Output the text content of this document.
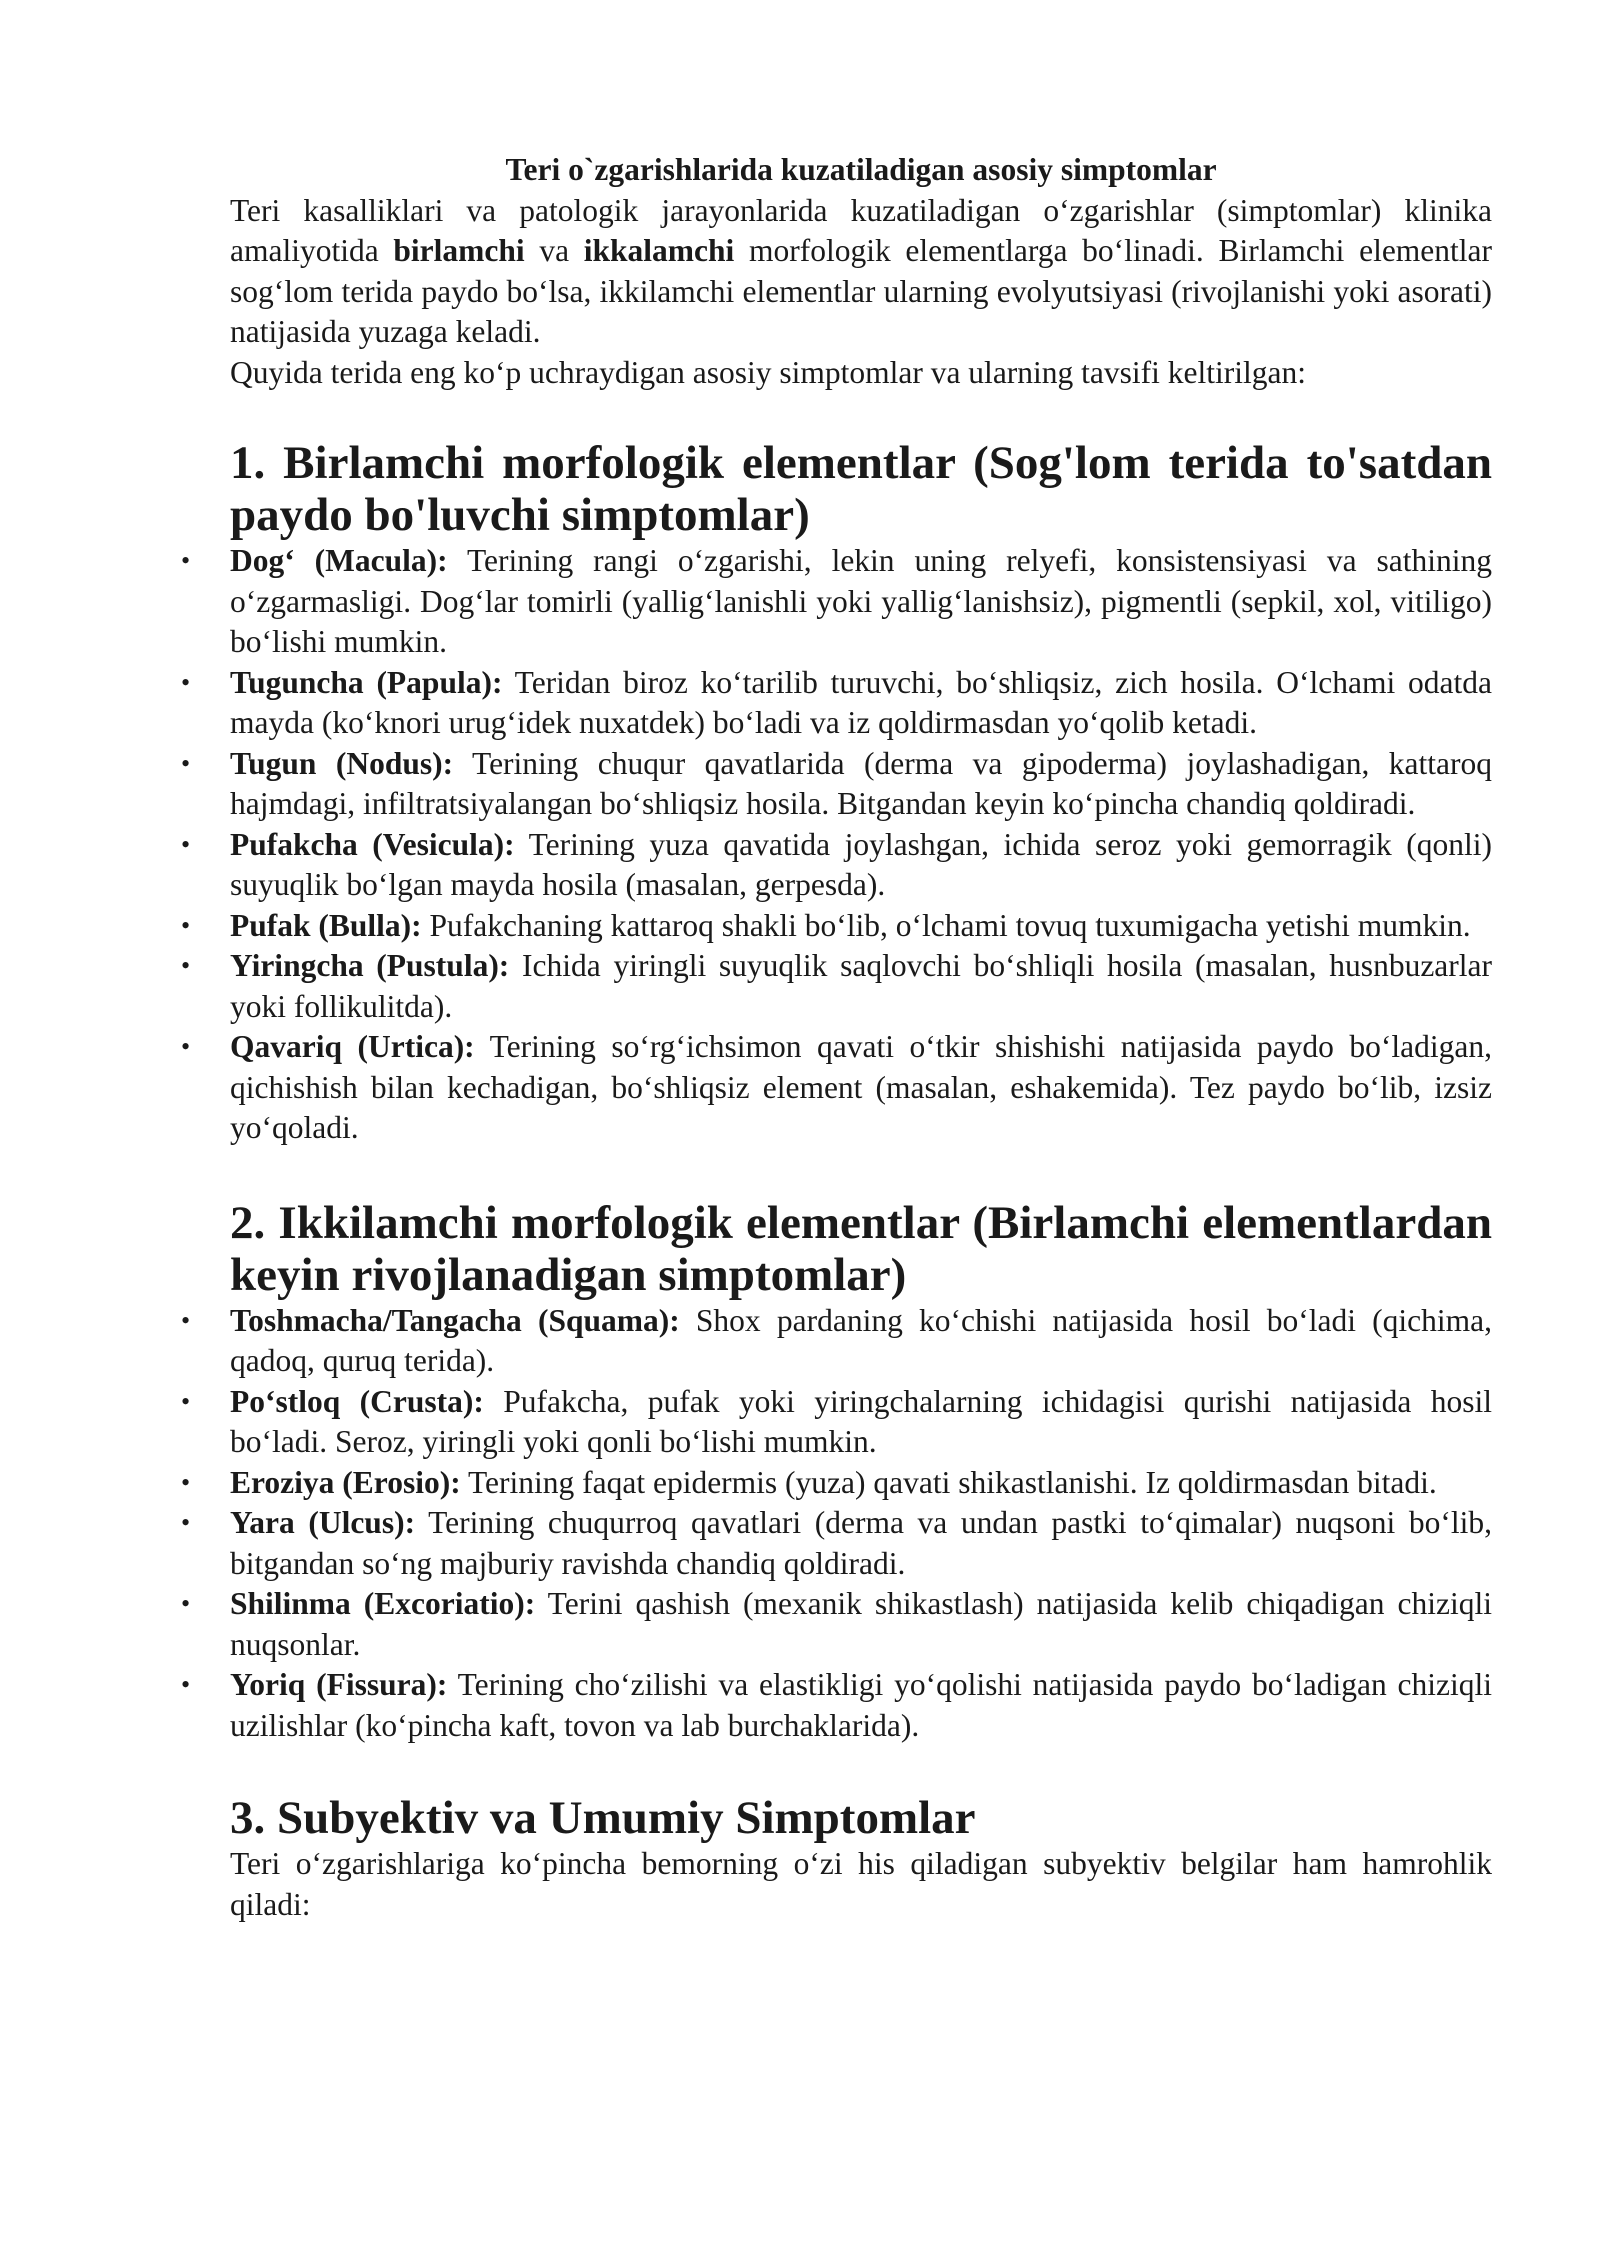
Teri o`zgarishlarida kuzatiladigan asosiy simptomlar

Teri kasalliklari va patologik jarayonlarida kuzatiladigan o‘zgarishlar (simptomlar) klinika amaliyotida birlamchi va ikkalamchi morfologik elementlarga bo‘linadi. Birlamchi elementlar sog‘lom terida paydo bo‘lsa, ikkilamchi elementlar ularning evolyutsiyasi (rivojlanishi yoki asorati) natijasida yuzaga keladi.

Quyida terida eng ko‘p uchraydigan asosiy simptomlar va ularning tavsifi keltirilgan:

1. Birlamchi morfologik elementlar (Sog'lom terida to'satdan paydo bo'luvchi simptomlar)
• Dog‘ (Macula): Terining rangi o‘zgarishi, lekin uning relyefi, konsistensiyasi va sathining o‘zgarmasligi. Dog‘lar tomirli (yallig‘lanishli yoki yallig‘lanishsiz), pigmentli (sepkil, xol, vitiligo) bo‘lishi mumkin.
• Tuguncha (Papula): Teridan biroz ko‘tarilib turuvchi, bo‘shliqsiz, zich hosila. O‘lchami odatda mayda (ko‘knori urug‘idek nuxatdek) bo‘ladi va iz qoldirmasdan yo‘qolib ketadi.
• Tugun (Nodus): Terining chuqur qavatlarida (derma va gipoderma) joylashadigan, kattaroq hajmdagi, infiltratsiyalangan bo‘shliqsiz hosila. Bitgandan keyin ko‘pincha chandiq qoldiradi.
• Pufakcha (Vesicula): Terining yuza qavatida joylashgan, ichida seroz yoki gemorragik (qonli) suyuqlik bo‘lgan mayda hosila (masalan, gerpesda).
• Pufak (Bulla): Pufakchaning kattaroq shakli bo‘lib, o‘lchami tovuq tuxumigacha yetishi mumkin.
• Yiringcha (Pustula): Ichida yiringli suyuqlik saqlovchi bo‘shliqli hosila (masalan, husnbuzarlar yoki follikulitda).
• Qavariq (Urtica): Terining so‘rg‘ichsimon qavati o‘tkir shishishi natijasida paydo bo‘ladigan, qichishish bilan kechadigan, bo‘shliqsiz element (masalan, eshakemida). Tez paydo bo‘lib, izsiz yo‘qoladi.
2. Ikkilamchi morfologik elementlar (Birlamchi elementlardan keyin rivojlanadigan simptomlar)
• Toshmacha/Tangacha (Squama): Shox pardaning ko‘chishi natijasida hosil bo‘ladi (qichima, qadoq, quruq terida).
• Po‘stloq (Crusta): Pufakcha, pufak yoki yiringchalarning ichidagisi qurishi natijasida hosil bo‘ladi. Seroz, yiringli yoki qonli bo‘lishi mumkin.
• Eroziya (Erosio): Terining faqat epidermis (yuza) qavati shikastlanishi. Iz qoldirmasdan bitadi.
• Yara (Ulcus): Terining chuqurroq qavatlari (derma va undan pastki to‘qimalar) nuqsoni bo‘lib, bitgandan so‘ng majburiy ravishda chandiq qoldiradi.
• Shilinma (Excoriatio): Terini qashish (mexanik shikastlash) natijasida kelib chiqadigan chiziqli nuqsonlar.
• Yoriq (Fissura): Terining cho‘zilishi va elastikligi yo‘qolishi natijasida paydo bo‘ladigan chiziqli uzilishlar (ko‘pincha kaft, tovon va lab burchaklarida).
3. Subyektiv va Umumiy Simptomlar

Teri o‘zgarishlariga ko‘pincha bemorning o‘zi his qiladigan subyektiv belgilar ham hamrohlik qiladi:
